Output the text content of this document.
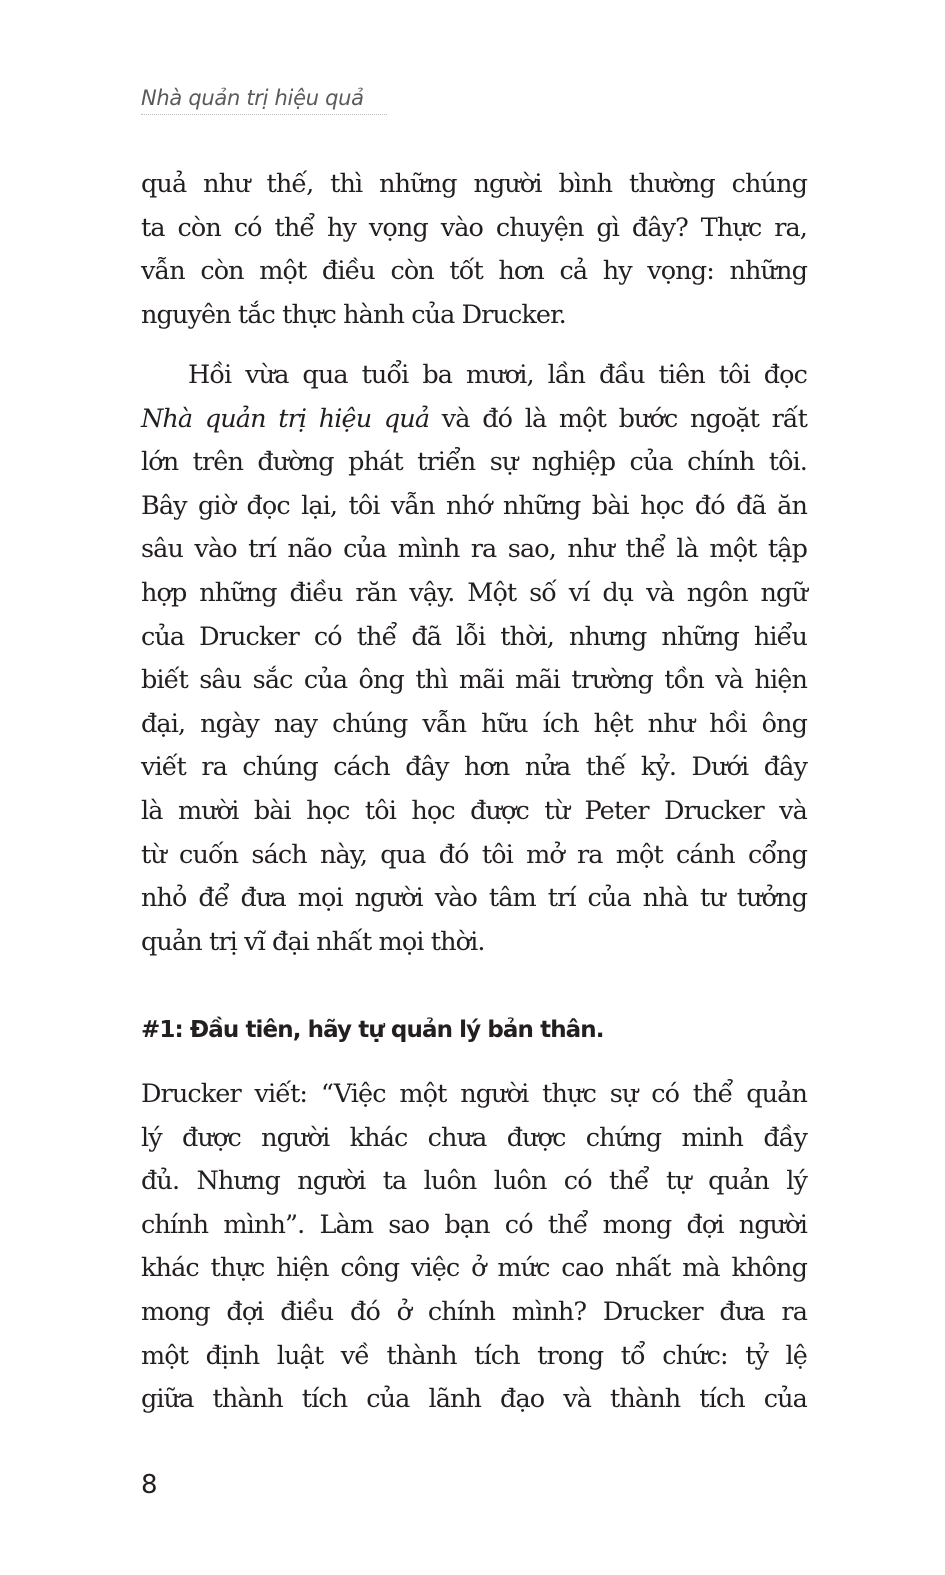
Nhà quản trị hiệu quả
quả như thế, thì những người bình thường chúng
ta còn có thể hy vọng vào chuyện gì đây? Thực ra,
vẫn còn một điều còn tốt hơn cả hy vọng: những
nguyên tắc thực hành của Drucker.
Hồi vừa qua tuổi ba mươi, lần đầu tiên tôi đọc
Nhà quản trị hiệu quả và đó là một bước ngoặt rất
lớn trên đường phát triển sự nghiệp của chính tôi.
Bây giờ đọc lại, tôi vẫn nhớ những bài học đó đã ăn
sâu vào trí não của mình ra sao, như thể là một tập
hợp những điều răn vậy. Một số ví dụ và ngôn ngữ
của Drucker có thể đã lỗi thời, nhưng những hiểu
biết sâu sắc của ông thì mãi mãi trường tồn và hiện
đại, ngày nay chúng vẫn hữu ích hệt như hồi ông
viết ra chúng cách đây hơn nửa thế kỷ. Dưới đây
là mười bài học tôi học được từ Peter Drucker và
từ cuốn sách này, qua đó tôi mở ra một cánh cổng
nhỏ để đưa mọi người vào tâm trí của nhà tư tưởng
quản trị vĩ đại nhất mọi thời.
#1: Đầu tiên, hãy tự quản lý bản thân.
Drucker viết: “Việc một người thực sự có thể quản
lý được người khác chưa được chứng minh đầy
đủ. Nhưng người ta luôn luôn có thể tự quản lý
chính mình”. Làm sao bạn có thể mong đợi người
khác thực hiện công việc ở mức cao nhất mà không
mong đợi điều đó ở chính mình? Drucker đưa ra
một định luật về thành tích trong tổ chức: tỷ lệ
giữa thành tích của lãnh đạo và thành tích của
8
